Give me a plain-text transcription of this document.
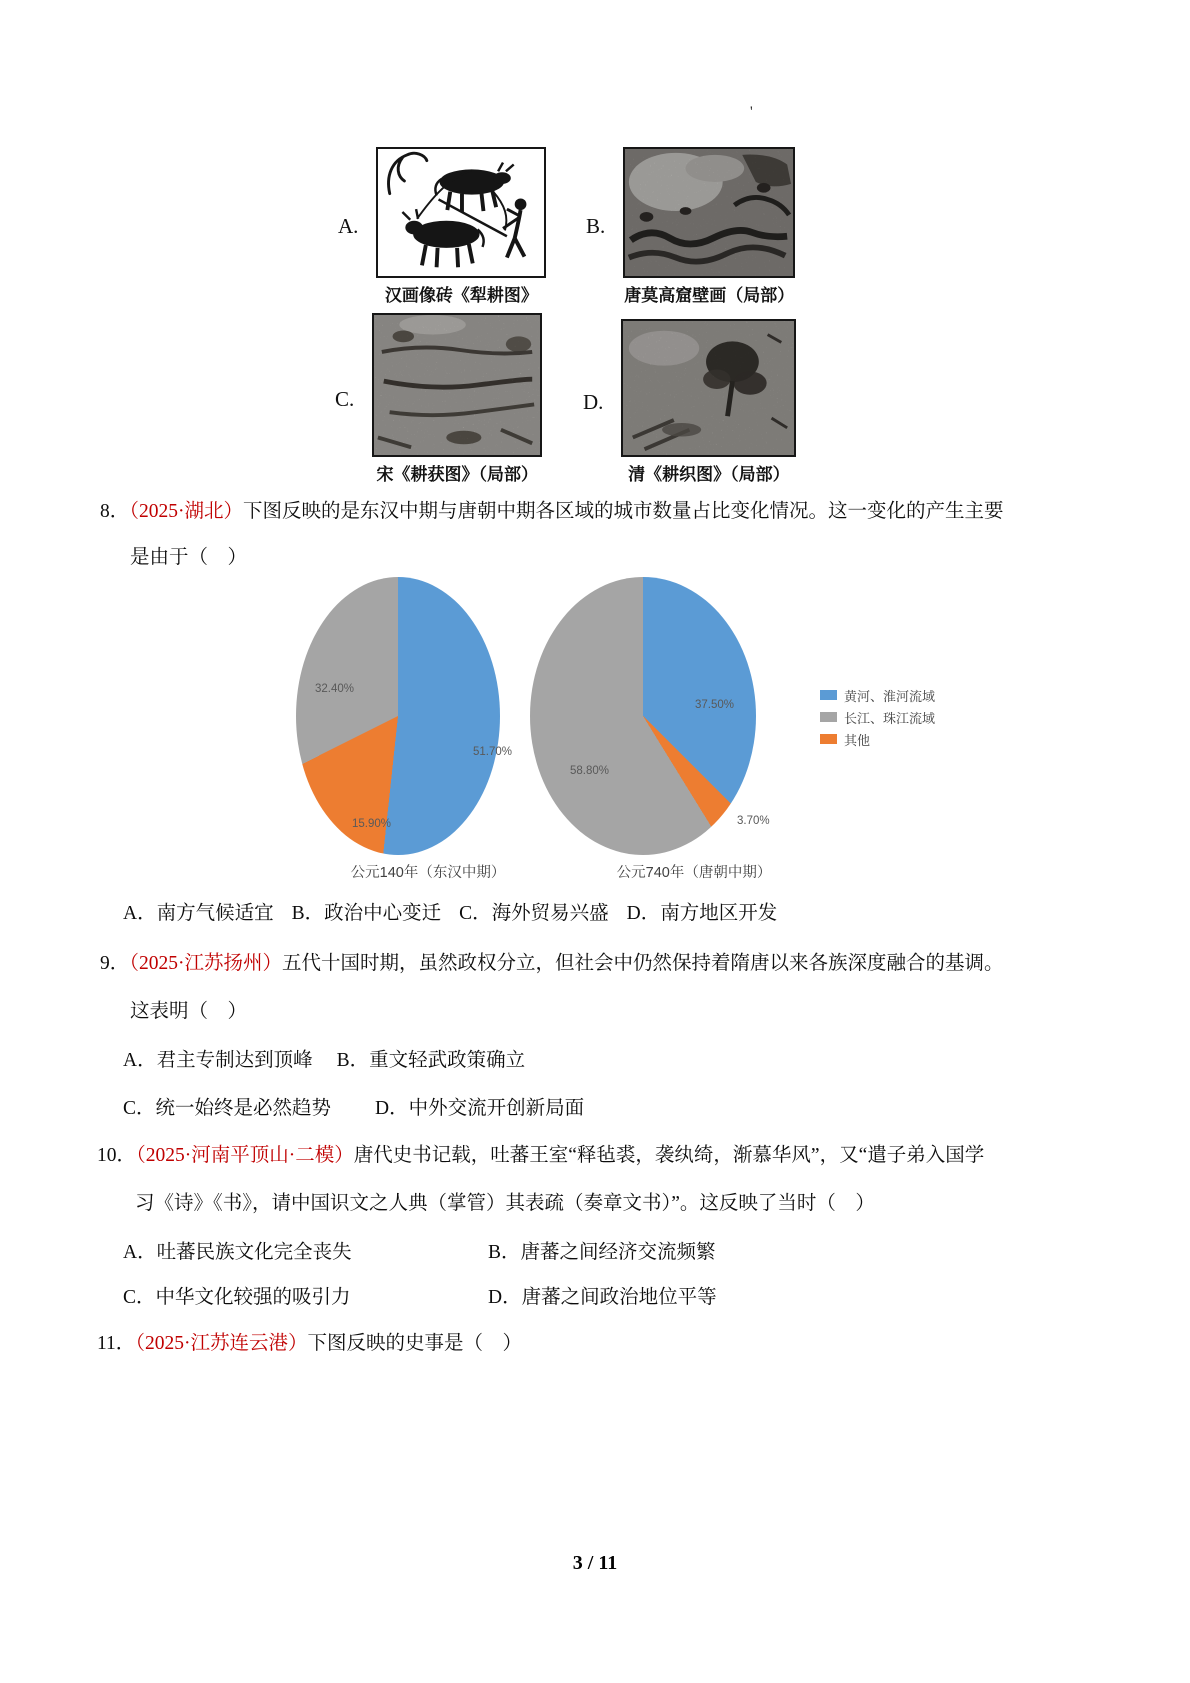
'
A.
汉画像砖《犁耕图》
B.
唐莫高窟壁画（局部）
C.
宋《耕获图》（局部）
D.
清《耕织图》（局部）
8．（2025·湖北）下图反映的是东汉中期与唐朝中期各区域的城市数量占比变化情况。这一变化的产生主要
是由于（　）
32.40%
51.70%
15.90%
37.50%
58.80%
3.70%
黄河、淮河流域
长江、珠江流域
其他
公元140年（东汉中期）	公元740年（唐朝中期）
A．南方气候适宜 B．政治中心变迁 C．海外贸易兴盛 D．南方地区开发
9．（2025·江苏扬州）五代十国时期，虽然政权分立，但社会中仍然保持着隋唐以来各族深度融合的基调。
这表明（　）
A．君主专制达到顶峰 B．重文轻武政策确立
C．统一始终是必然趋势 D．中外交流开创新局面
10．（2025·河南平顶山·二模）唐代史书记载，吐蕃王室“释毡裘，袭纨绮，渐慕华风”，又“遣子弟入国学
习《诗》《书》，请中国识文之人典（掌管）其表疏（奏章文书）”。这反映了当时（　）
A．吐蕃民族文化完全丧失	B．唐蕃之间经济交流频繁
C．中华文化较强的吸引力	D．唐蕃之间政治地位平等
11．（2025·江苏连云港）下图反映的史事是（　）
3 / 11
